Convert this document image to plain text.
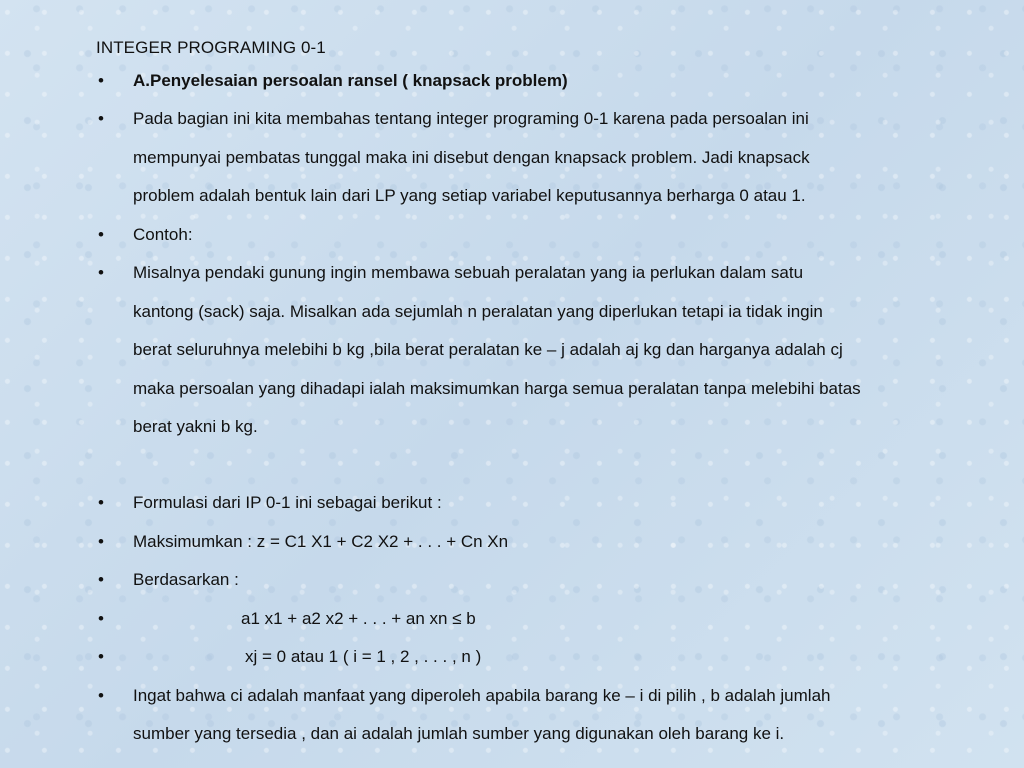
INTEGER PROGRAMING 0-1
• A.Penyelesaian persoalan ransel ( knapsack problem)
• Pada bagian ini kita membahas tentang integer programing 0-1 karena pada persoalan ini
mempunyai pembatas tunggal maka ini disebut dengan knapsack problem. Jadi knapsack
problem adalah bentuk lain dari LP yang setiap variabel keputusannya berharga 0 atau 1.
• Contoh:
• Misalnya pendaki gunung ingin membawa sebuah peralatan yang ia perlukan dalam satu
kantong (sack) saja. Misalkan ada sejumlah n peralatan yang diperlukan tetapi ia tidak ingin
berat seluruhnya melebihi b kg ,bila berat peralatan ke – j adalah aj kg dan harganya adalah cj
maka persoalan yang dihadapi ialah maksimumkan harga semua peralatan tanpa melebihi batas
berat yakni b kg.
• Formulasi dari IP 0-1 ini sebagai berikut :
• Maksimumkan : z = C1 X1 + C2 X2 + . . . + Cn Xn
• Berdasarkan :
•	a1 x1 + a2 x2 + . . . + an xn ≤ b
•	xj = 0 atau 1 ( i = 1 , 2 , . . . , n )
• Ingat bahwa ci adalah manfaat yang diperoleh apabila barang ke – i di pilih , b adalah jumlah
sumber yang tersedia , dan ai adalah jumlah sumber yang digunakan oleh barang ke i.
